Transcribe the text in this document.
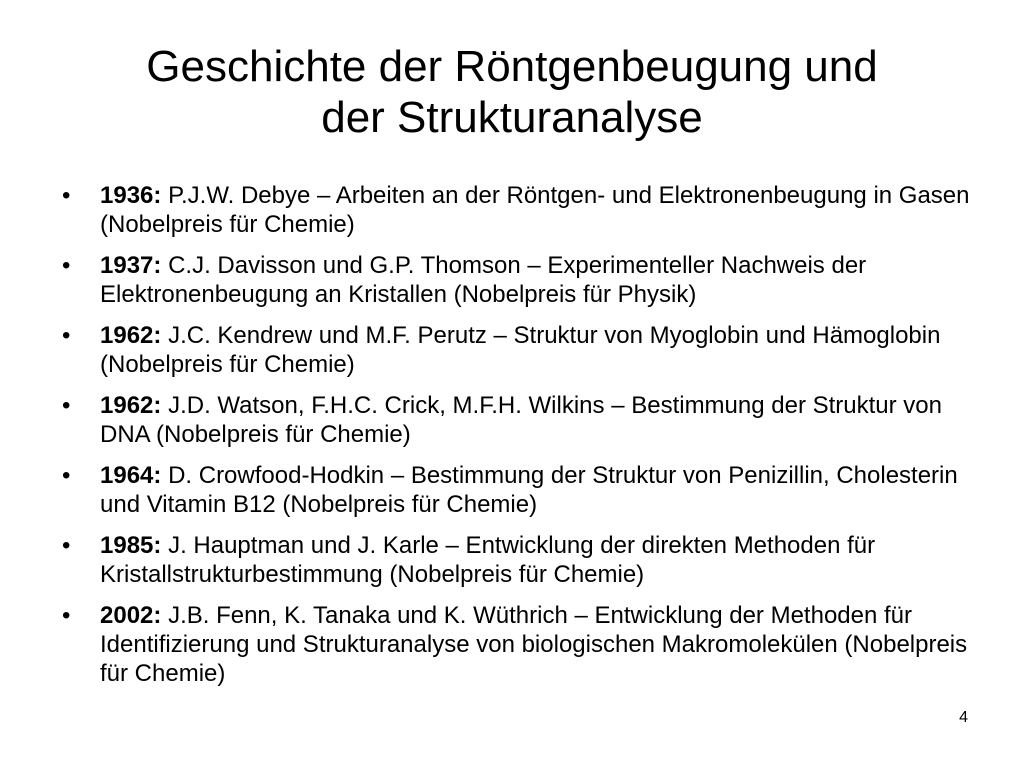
Geschichte der Röntgenbeugung und
der Strukturanalyse
• 1936: P.J.W. Debye – Arbeiten an der Röntgen- und Elektronenbeugung in Gasen (Nobelpreis für Chemie)
• 1937: C.J. Davisson und G.P. Thomson – Experimenteller Nachweis der Elektronenbeugung an Kristallen (Nobelpreis für Physik)
• 1962: J.C. Kendrew und M.F. Perutz – Struktur von Myoglobin und Hämoglobin (Nobelpreis für Chemie)
• 1962: J.D. Watson, F.H.C. Crick, M.F.H. Wilkins – Bestimmung der Struktur von DNA (Nobelpreis für Chemie)
• 1964: D. Crowfood-Hodkin – Bestimmung der Struktur von Penizillin, Cholesterin und Vitamin B12 (Nobelpreis für Chemie)
• 1985: J. Hauptman und J. Karle – Entwicklung der direkten Methoden für Kristallstrukturbestimmung (Nobelpreis für Chemie)
• 2002: J.B. Fenn, K. Tanaka und K. Wüthrich – Entwicklung der Methoden für Identifizierung und Strukturanalyse von biologischen Makromolekülen (Nobelpreis für Chemie)
4
